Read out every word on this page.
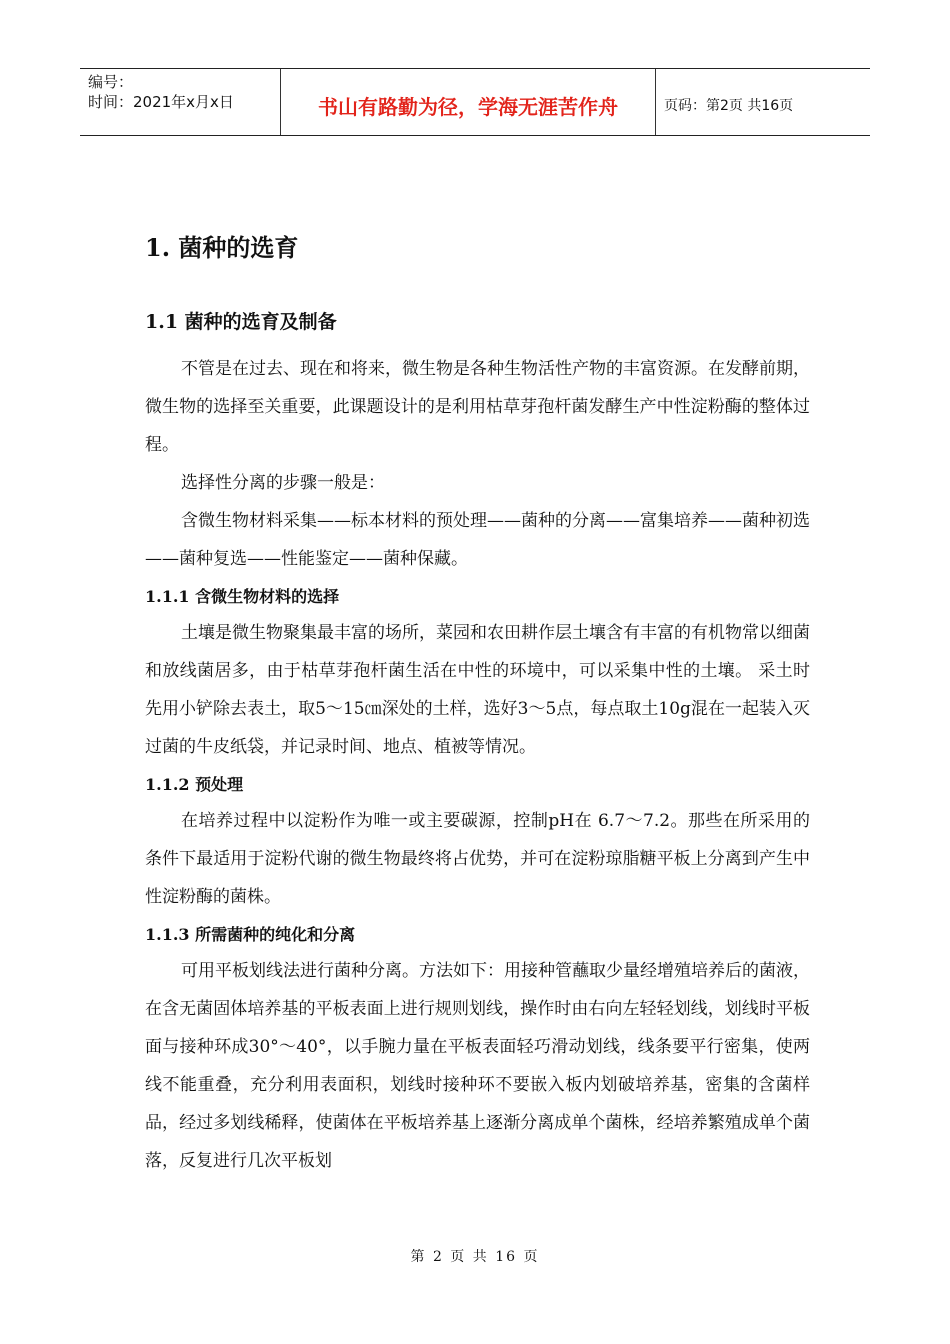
编号：
时间：2021年x月x日	书山有路勤为径，学海无涯苦作舟	页码：第2页 共16页
1. 菌种的选育
1.1 菌种的选育及制备

不管是在过去、现在和将来，微生物是各种生物活性产物的丰富资源。在发酵前期，微生物的选择至关重要，此课题设计的是利用枯草芽孢杆菌发酵生产中性淀粉酶的整体过程。

选择性分离的步骤一般是：

含微生物材料采集——标本材料的预处理——菌种的分离——富集培养——菌种初选——菌种复选——性能鉴定——菌种保藏。

1.1.1 含微生物材料的选择

土壤是微生物聚集最丰富的场所，菜园和农田耕作层土壤含有丰富的有机物常以细菌和放线菌居多，由于枯草芽孢杆菌生活在中性的环境中，可以采集中性的土壤。 采土时先用小铲除去表土，取5～15㎝深处的土样，选好3～5点，每点取土10g混在一起装入灭过菌的牛皮纸袋，并记录时间、地点、植被等情况。

1.1.2 预处理

在培养过程中以淀粉作为唯一或主要碳源，控制pH在 6.7～7.2。那些在所采用的条件下最适用于淀粉代谢的微生物最终将占优势，并可在淀粉琼脂糖平板上分离到产生中性淀粉酶的菌株。

1.1.3 所需菌种的纯化和分离

可用平板划线法进行菌种分离。方法如下：用接种管蘸取少量经增殖培养后的菌液，在含无菌固体培养基的平板表面上进行规则划线，操作时由右向左轻轻划线，划线时平板面与接种环成30°～40°，以手腕力量在平板表面轻巧滑动划线，线条要平行密集，使两线不能重叠，充分利用表面积，划线时接种环不要嵌入板内划破培养基，密集的含菌样品，经过多划线稀释，使菌体在平板培养基上逐渐分离成单个菌株，经培养繁殖成单个菌落，反复进行几次平板划

第 2 页 共 16 页
